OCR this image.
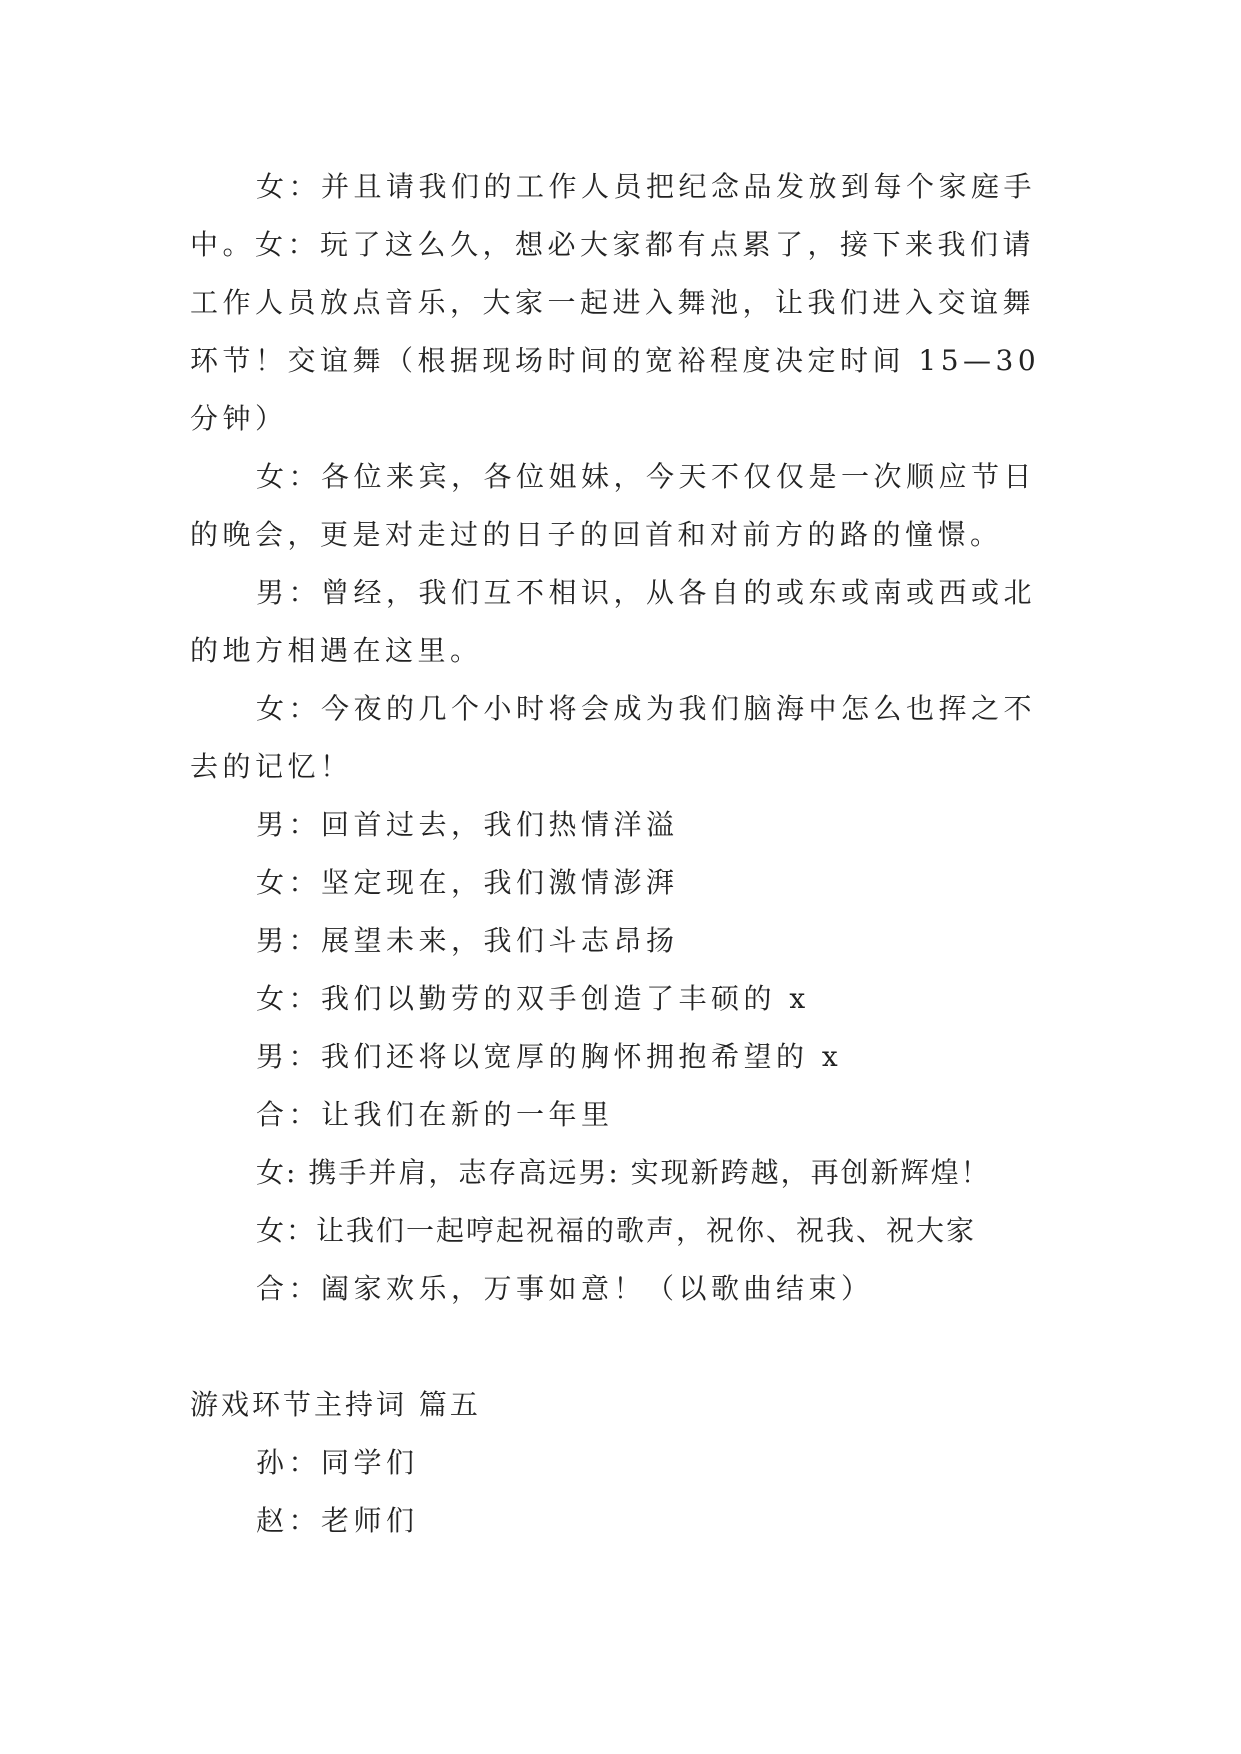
女：并且请我们的工作人员把纪念品发放到每个家庭手中。女：玩了这么久，想必大家都有点累了，接下来我们请工作人员放点音乐，大家一起进入舞池，让我们进入交谊舞环节！交谊舞（根据现场时间的宽裕程度决定时间 15—30 分钟）

女：各位来宾，各位姐妹，今天不仅仅是一次顺应节日的晚会，更是对走过的日子的回首和对前方的路的憧憬。

男：曾经，我们互不相识，从各自的或东或南或西或北的地方相遇在这里。

女：今夜的几个小时将会成为我们脑海中怎么也挥之不去的记忆！

男：回首过去，我们热情洋溢

女：坚定现在，我们激情澎湃

男：展望未来，我们斗志昂扬

女：我们以勤劳的双手创造了丰硕的 x

男：我们还将以宽厚的胸怀拥抱希望的 x

合：让我们在新的一年里

女: 携手并肩，志存高远男: 实现新跨越，再创新辉煌！

女：让我们一起哼起祝福的歌声，祝你、祝我、祝大家

合：阖家欢乐，万事如意！（以歌曲结束）

游戏环节主持词 篇五

孙：同学们

赵：老师们
